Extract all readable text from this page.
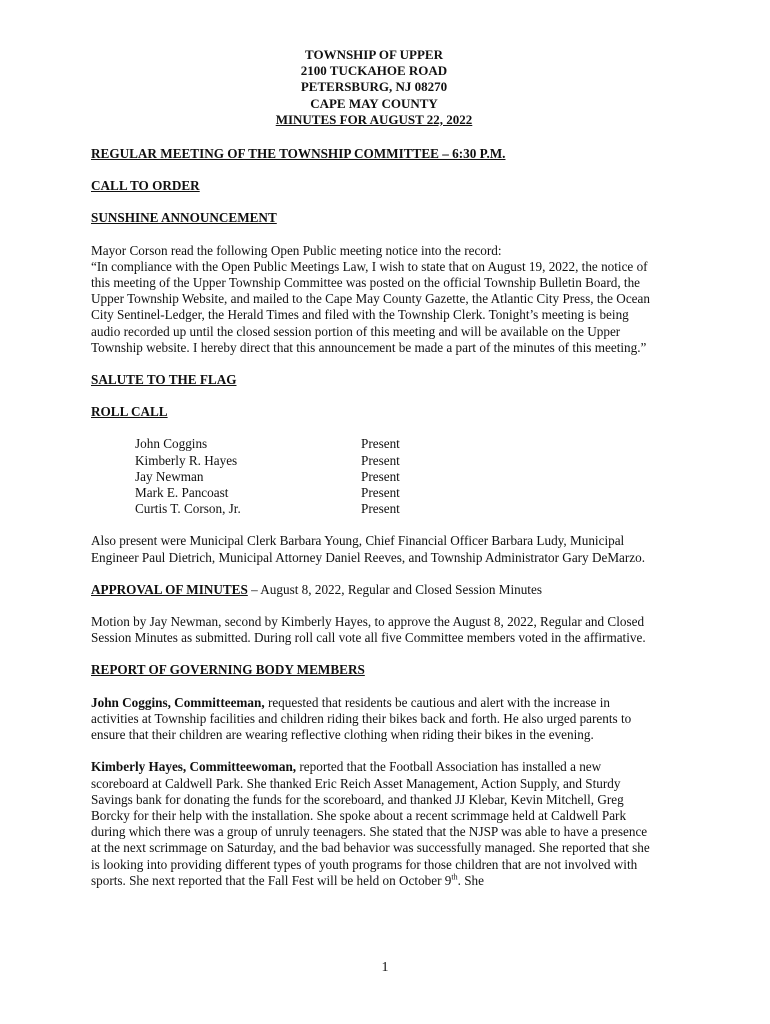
TOWNSHIP OF UPPER
2100 TUCKAHOE ROAD
PETERSBURG, NJ 08270
CAPE MAY COUNTY
MINUTES FOR AUGUST 22, 2022
REGULAR MEETING OF THE TOWNSHIP COMMITTEE – 6:30 P.M.
CALL TO ORDER
SUNSHINE ANNOUNCEMENT

Mayor Corson read the following Open Public meeting notice into the record:
“In compliance with the Open Public Meetings Law, I wish to state that on August 19, 2022, the notice of this meeting of the Upper Township Committee was posted on the official Township Bulletin Board, the Upper Township Website, and mailed to the Cape May County Gazette, the Atlantic City Press, the Ocean City Sentinel-Ledger, the Herald Times and filed with the Township Clerk. Tonight’s meeting is being audio recorded up until the closed session portion of this meeting and will be available on the Upper Township website. I hereby direct that this announcement be made a part of the minutes of this meeting.”

SALUTE TO THE FLAG
ROLL CALL
John Coggins	Present
Kimberly R. Hayes	Present
Jay Newman	Present
Mark E. Pancoast	Present
Curtis T. Corson, Jr.	Present

Also present were Municipal Clerk Barbara Young, Chief Financial Officer Barbara Ludy, Municipal Engineer Paul Dietrich, Municipal Attorney Daniel Reeves, and Township Administrator Gary DeMarzo.

APPROVAL OF MINUTES – August 8, 2022, Regular and Closed Session Minutes

Motion by Jay Newman, second by Kimberly Hayes, to approve the August 8, 2022, Regular and Closed Session Minutes as submitted. During roll call vote all five Committee members voted in the affirmative.

REPORT OF GOVERNING BODY MEMBERS

John Coggins, Committeeman, requested that residents be cautious and alert with the increase in activities at Township facilities and children riding their bikes back and forth. He also urged parents to ensure that their children are wearing reflective clothing when riding their bikes in the evening.

Kimberly Hayes, Committeewoman, reported that the Football Association has installed a new scoreboard at Caldwell Park. She thanked Eric Reich Asset Management, Action Supply, and Sturdy Savings bank for donating the funds for the scoreboard, and thanked JJ Klebar, Kevin Mitchell, Greg Borcky for their help with the installation. She spoke about a recent scrimmage held at Caldwell Park during which there was a group of unruly teenagers. She stated that the NJSP was able to have a presence at the next scrimmage on Saturday, and the bad behavior was successfully managed. She reported that she is looking into providing different types of youth programs for those children that are not involved with sports. She next reported that the Fall Fest will be held on October 9th. She

1
